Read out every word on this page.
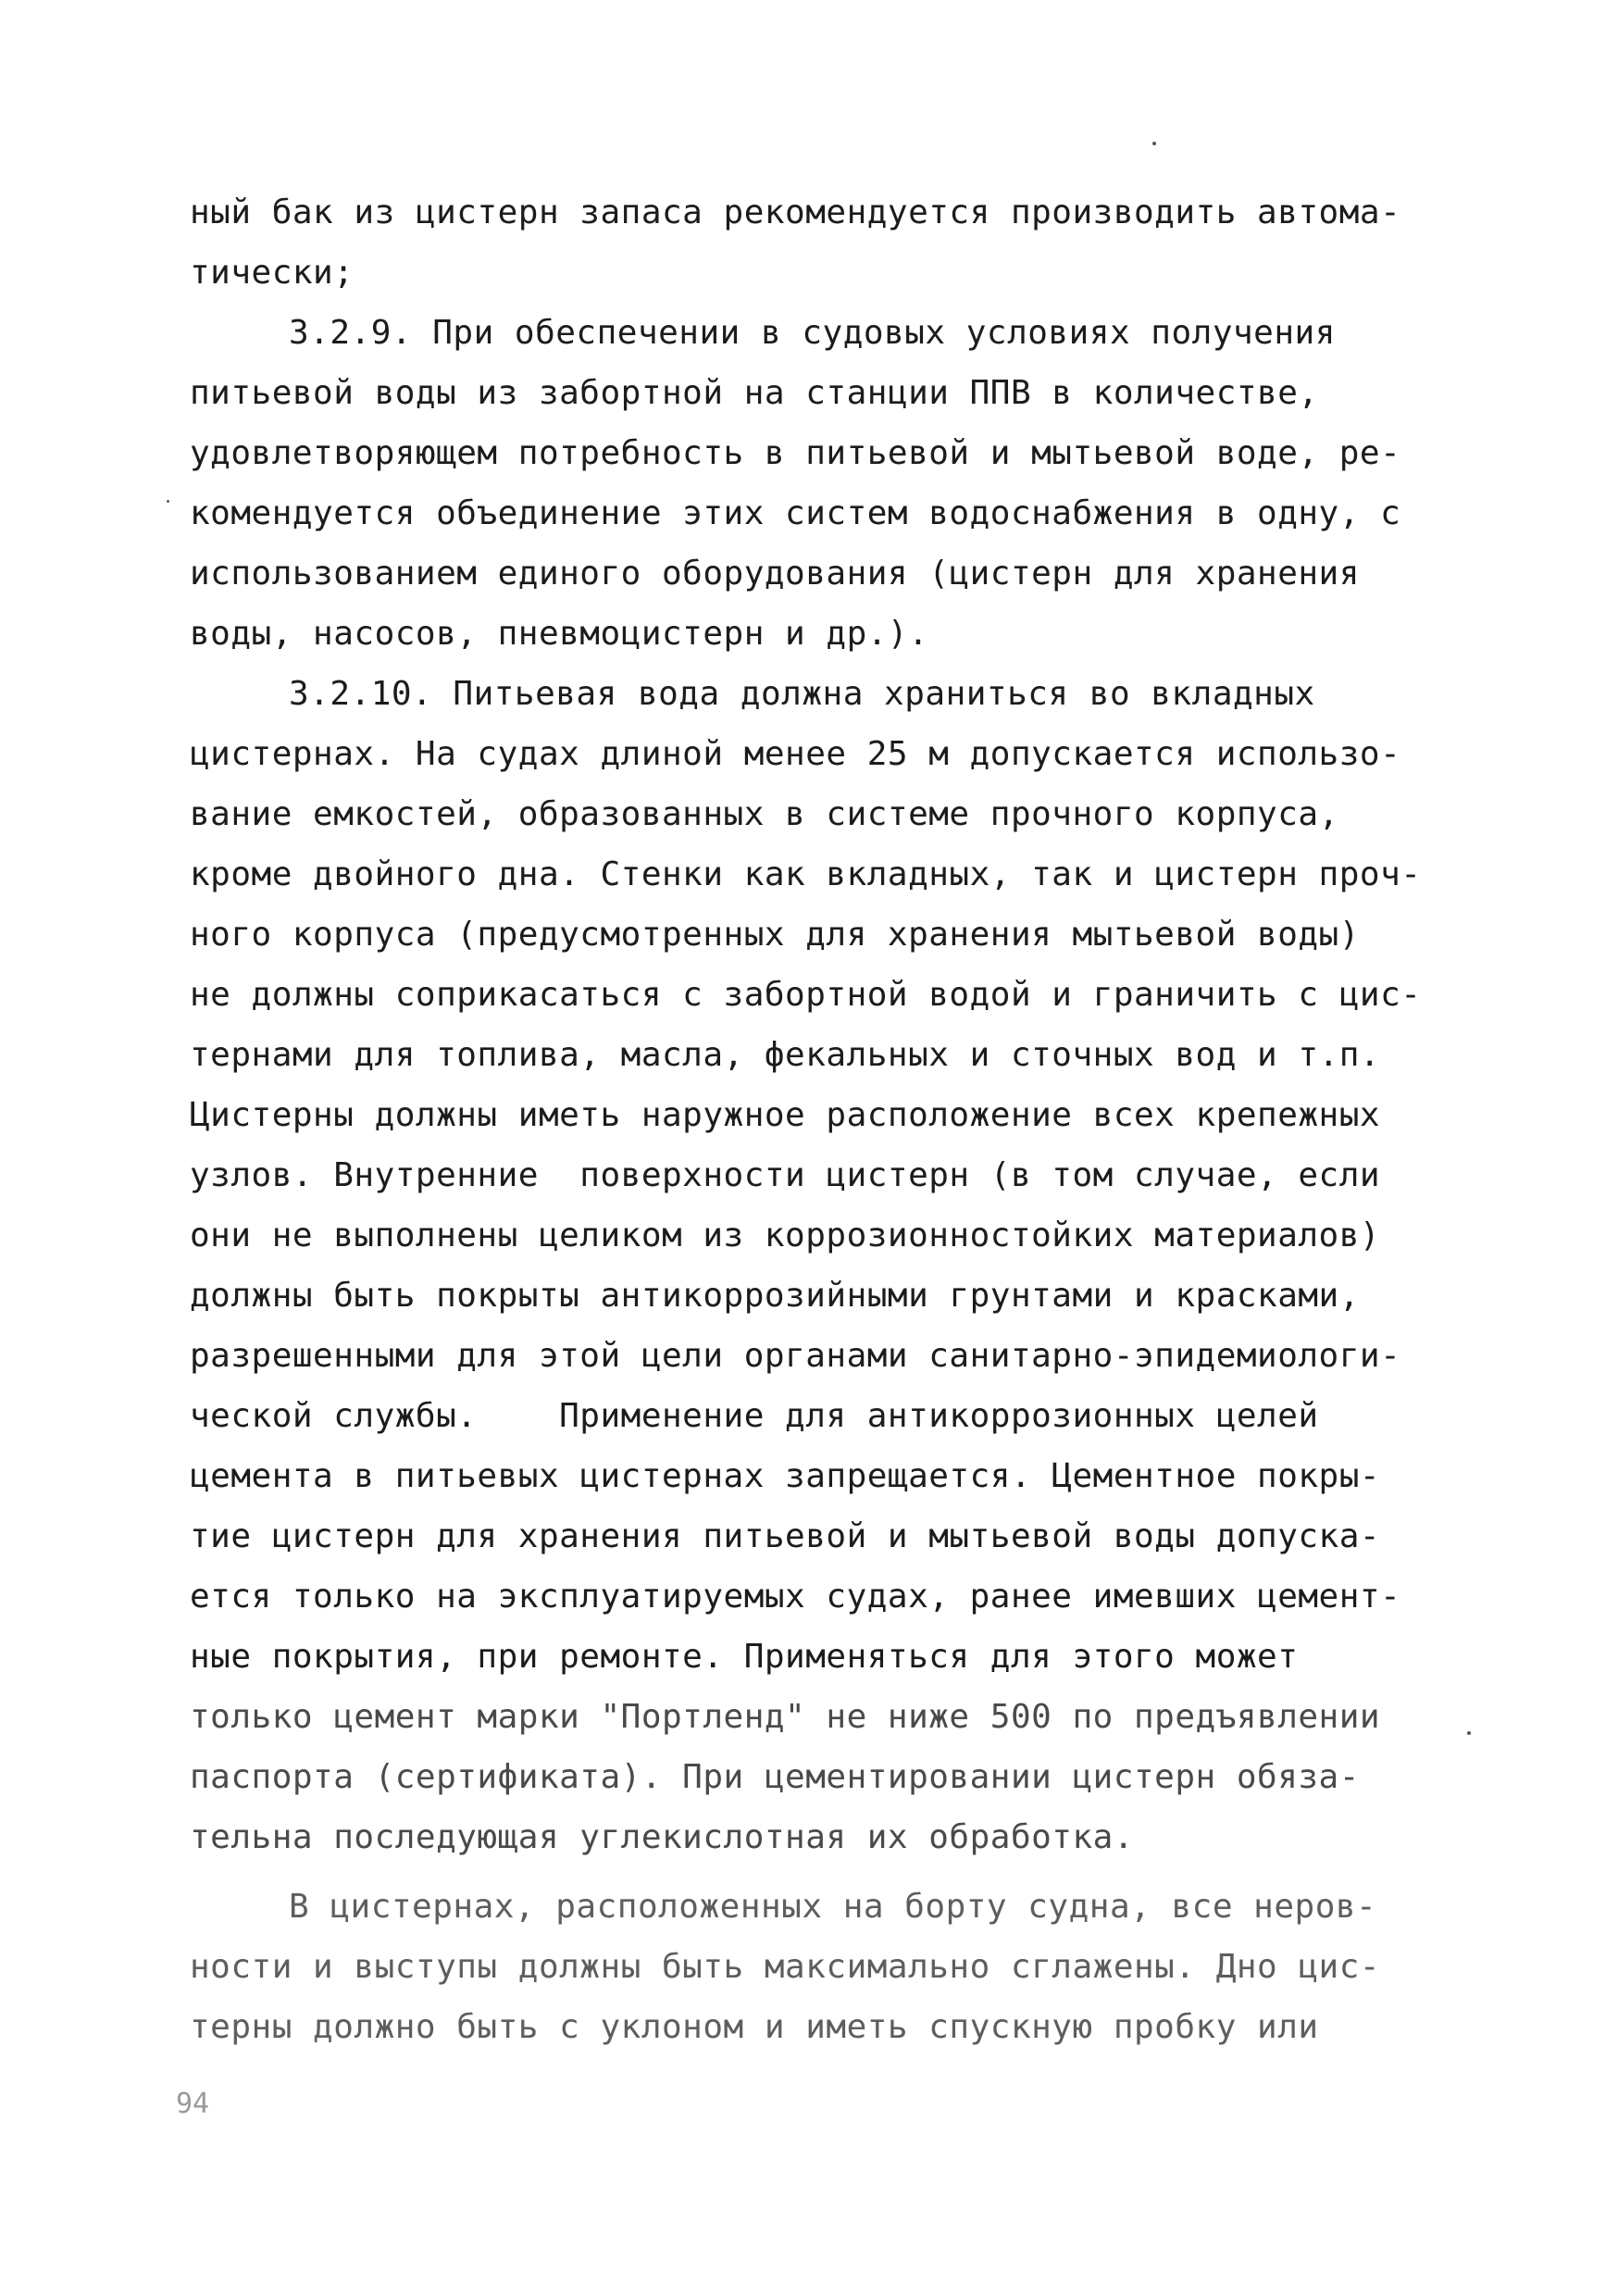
ный бак из цистерн запаса рекомендуется производить автома-
тически;
3.2.9. При обеспечении в судовых условиях получения
питьевой воды из забортной на станции ППВ в количестве,
удовлетворяющем потребность в питьевой и мытьевой воде, ре-
комендуется объединение этих систем водоснабжения в одну, с
использованием единого оборудования (цистерн для хранения
воды, насосов, пневмоцистерн и др.).
3.2.10. Питьевая вода должна храниться во вкладных
цистернах. На судах длиной менее 25 м допускается использо-
вание емкостей, образованных в системе прочного корпуса,
кроме двойного дна. Стенки как вкладных, так и цистерн проч-
ного корпуса (предусмотренных для хранения мытьевой воды)
не должны соприкасаться с забортной водой и граничить с цис-
тернами для топлива, масла, фекальных и сточных вод и т.п.
Цистерны должны иметь наружное расположение всех крепежных
узлов. Внутренние  поверхности цистерн (в том случае, если
они не выполнены целиком из коррозионностойких материалов)
должны быть покрыты антикоррозийными грунтами и красками,
разрешенными для этой цели органами санитарно-эпидемиологи-
ческой службы.    Применение для антикоррозионных целей
цемента в питьевых цистернах запрещается. Цементное покры-
тие цистерн для хранения питьевой и мытьевой воды допуска-
ется только на эксплуатируемых судах, ранее имевших цемент-
ные покрытия, при ремонте. Применяться для этого может
только цемент марки "Портленд" не ниже 500 по предъявлении
паспорта (сертификата). При цементировании цистерн обяза-
тельна последующая углекислотная их обработка.
В цистернах, расположенных на борту судна, все неров-
ности и выступы должны быть максимально сглажены. Дно цис-
терны должно быть с уклоном и иметь спускную пробку или
94
